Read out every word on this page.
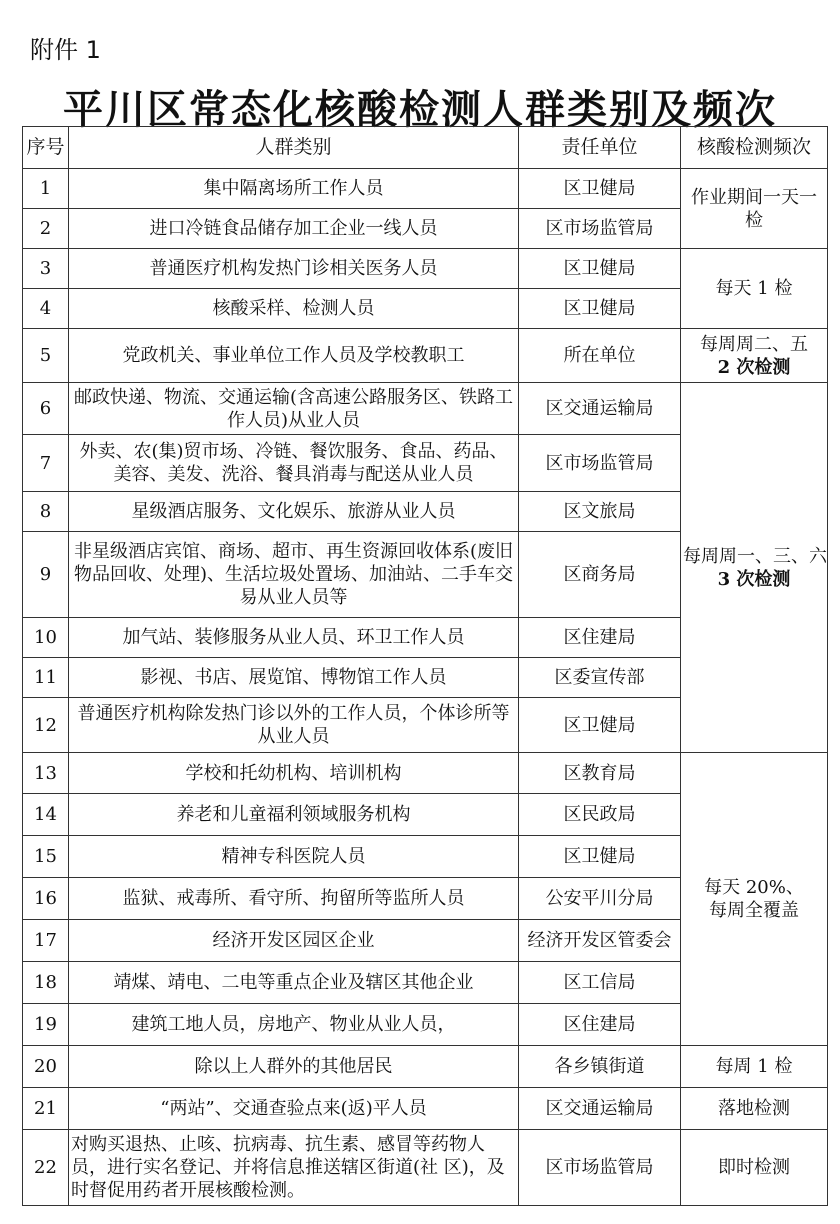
附件 1
平川区常态化核酸检测人群类别及频次
序号	人群类别	责任单位	核酸检测频次
1	集中隔离场所工作人员	区卫健局	作业期间一天一检
2	进口冷链食品储存加工企业一线人员	区市场监管局	
3	普通医疗机构发热门诊相关医务人员	区卫健局	每天 1 检
4	核酸采样、检测人员	区卫健局	
5	党政机关、事业单位工作人员及学校教职工	所在单位	每周周二、五
2 次检测

6	邮政快递、物流、交通运输(含高速公路服务区、铁路工作人员)从业人员	区交通运输局	每周周一、三、六
3 次检测

7	外卖、农(集)贸市场、冷链、餐饮服务、食品、药品、美容、美发、洗浴、餐具消毒与配送从业人员	区市场监管局	
8	星级酒店服务、文化娱乐、旅游从业人员	区文旅局	
9	非星级酒店宾馆、商场、超市、再生资源回收体系(废旧物品回收、处理)、生活垃圾处置场、加油站、二手车交易从业人员等	区商务局	
10	加气站、装修服务从业人员、环卫工作人员	区住建局	
11	影视、书店、展览馆、博物馆工作人员	区委宣传部	
12	普通医疗机构除发热门诊以外的工作人员，个体诊所等从业人员	区卫健局	
13	学校和托幼机构、培训机构	区教育局	每天 20%、
每周全覆盖

14	养老和儿童福利领域服务机构	区民政局	
15	精神专科医院人员	区卫健局	
16	监狱、戒毒所、看守所、拘留所等监所人员	公安平川分局	
17	经济开发区园区企业	经济开发区管委会	
18	靖煤、靖电、二电等重点企业及辖区其他企业	区工信局	
19	建筑工地人员，房地产、物业从业人员，	区住建局	
20	除以上人群外的其他居民	各乡镇街道	每周 1 检
21	“两站”、交通查验点来(返)平人员	区交通运输局	落地检测
22	对购买退热、止咳、抗病毒、抗生素、感冒等药物人员，进行实名登记、并将信息推送辖区街道(社 区)，及时督促用药者开展核酸检测。	区市场监管局	即时检测
